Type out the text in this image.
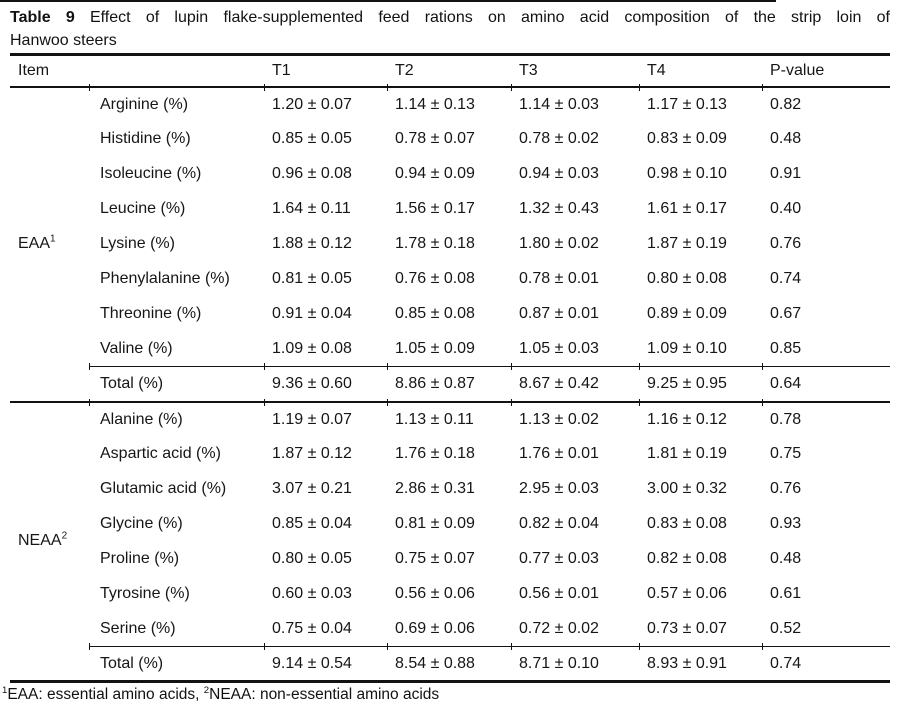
Table 9 Effect of lupin flake-supplemented feed rations on amino acid composition of the strip loin of
Hanwoo steers
Item		T1	T2	T3	T4	P-value
EAA$^1$	Arginine (%)	1.20 ± 0.07	1.14 ± 0.13	1.14 ± 0.03	1.17 ± 0.13	0.82
	Histidine (%)	0.85 ± 0.05	0.78 ± 0.07	0.78 ± 0.02	0.83 ± 0.09	0.48
	Isoleucine (%)	0.96 ± 0.08	0.94 ± 0.09	0.94 ± 0.03	0.98 ± 0.10	0.91
	Leucine (%)	1.64 ± 0.11	1.56 ± 0.17	1.32 ± 0.43	1.61 ± 0.17	0.40
	Lysine (%)	1.88 ± 0.12	1.78 ± 0.18	1.80 ± 0.02	1.87 ± 0.19	0.76
	Phenylalanine (%)	0.81 ± 0.05	0.76 ± 0.08	0.78 ± 0.01	0.80 ± 0.08	0.74
	Threonine (%)	0.91 ± 0.04	0.85 ± 0.08	0.87 ± 0.01	0.89 ± 0.09	0.67
	Valine (%)	1.09 ± 0.08	1.05 ± 0.09	1.05 ± 0.03	1.09 ± 0.10	0.85
	Total (%)	9.36 ± 0.60	8.86 ± 0.87	8.67 ± 0.42	9.25 ± 0.95	0.64
NEAA$^2$	Alanine (%)	1.19 ± 0.07	1.13 ± 0.11	1.13 ± 0.02	1.16 ± 0.12	0.78
	Aspartic acid (%)	1.87 ± 0.12	1.76 ± 0.18	1.76 ± 0.01	1.81 ± 0.19	0.75
	Glutamic acid (%)	3.07 ± 0.21	2.86 ± 0.31	2.95 ± 0.03	3.00 ± 0.32	0.76
	Glycine (%)	0.85 ± 0.04	0.81 ± 0.09	0.82 ± 0.04	0.83 ± 0.08	0.93
	Proline (%)	0.80 ± 0.05	0.75 ± 0.07	0.77 ± 0.03	0.82 ± 0.08	0.48
	Tyrosine (%)	0.60 ± 0.03	0.56 ± 0.06	0.56 ± 0.01	0.57 ± 0.06	0.61
	Serine (%)	0.75 ± 0.04	0.69 ± 0.06	0.72 ± 0.02	0.73 ± 0.07	0.52
	Total (%)	9.14 ± 0.54	8.54 ± 0.88	8.71 ± 0.10	8.93 ± 0.91	0.74
$^1$EAA: essential amino acids, $^2$NEAA: non-essential amino acids
